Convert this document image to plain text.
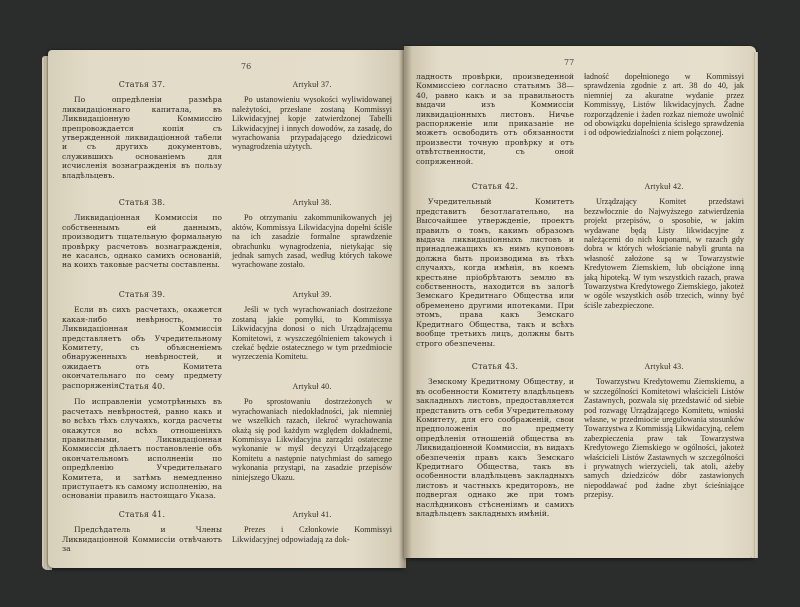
76
Статья 37.
По опредѣленіи размѣра ликвидаціоннаго капитала, въ Ликвидаціонную Коммиссію препровождается копія съ утвержденной ликвидаціонной табели и съ другихъ документовъ, служившихъ основаніемъ для исчисленія вознагражденія въ пользу владѣльцевъ.
Статья 38.
Ликвидаціонная Коммиссія по собственнымъ ей даннымъ, производитъ тщательную формальную провѣрку расчетовъ вознагражденія, не касаясь, однако самихъ основаній, на коихъ таковые расчеты составлены.
Статья 39.
Если въ сихъ расчетахъ, окажется какая-либо невѣрность, то Ликвидаціонная Коммиссія представляетъ объ Учредительному Комитету, съ объясненіемъ обнаруженныхъ невѣрностей, и ожидаетъ отъ Комитета окончательнаго по сему предмету распоряженія.
Статья 40.
По исправленіи усмотрѣнныхъ въ расчетахъ невѣрностей, равно какъ и во всѣхъ тѣхъ случаяхъ, когда расчеты окажутся во всѣхъ отношеніяхъ правильными, Ликвидаціонная Коммиссія дѣлаетъ постановленіе объ окончательномъ исполненіи по опредѣленію Учредительнаго Комитета, и затѣмъ немедленно приступаетъ къ самому исполненію, на основаніи правилъ настоящаго Указа.
Статья 41.
Предсѣдатель и Члены Ликвидаціонной Коммиссіи отвѣчаютъ за
Artykuł 37.
Po ustanowieniu wysokości wyliwidowanej należytości, przesłane zostaną Kommissyi Likwidacyjnej kopje zatwierdzonej Tabelli Likwidacyjnej i innych dowodów, za zasadę, do wyrachowania przypadającego dziedzicowi wynagrodzenia użytych.
Artykuł 38.
Po otrzymaniu zakommunikowanych jej aktów, Kommissya Likwidacyjna dopełni ściśle na ich zasadzie formalne sprawdzenie obrachunku wynagrodzenia, nietykając się jednak samych zasad, według których takowe wyrachowane zostało.
Artykuł 39.
Jeśli w tych wyrachowaniach dostrzeżone zostaną jakie pomyłki, to Kommissya Likwidacyjna donosi o nich Urządzającemu Komitetowi, z wyszczególnieniem takowych i czekać będzie ostatecznego w tym przedmiocie wyrzeczenia Komitetu.
Artykuł 40.
Po sprostowaniu dostrzeżonych w wyrachowaniach niedokładności, jak niemniej we wszelkich razach, ilekroć wyrachowania okażą się pod każdym względem dokładnemi, Kommissya Likwidacyjna zarządzi ostateczne wykonanie w myśl decyzyi Urządzającego Komitetu a następnie natychmiast do samego wykonania przystąpi, na zasadzie przepisów niniejszego Ukazu.
Artykuł 41.
Prezes i Członkowie Kommissyi Likwidacyjnej odpowiadają za dok-
77
ладность провѣрки, произведенной Коммиссіею согласно статьямъ 38—40, равно какъ и за правильность выдачи изъ Коммиссіи ликвидаціонныхъ листовъ. Ничье распоряженіе или приказаніе не можетъ освободить отъ обязанности произвести точную провѣрку и отъ отвѣтственности, съ оной сопряженной.
Статья 42.
Учредительный Комитетъ представитъ безотлагательно, на Высочайшее утвержденіе, проектъ правилъ о томъ, какимъ образомъ выдача ликвидаціонныхъ листовъ и принадлежащихъ къ нимъ купоновъ должна быть производима въ тѣхъ случаяхъ, когда имѣнія, въ коемъ крестьяне пріобрѣтаютъ землю въ собственность, находится въ залогѣ Земскаго Кредитнаго Общества или обременено другими ипотеками. При этомъ, права какъ Земскаго Кредитнаго Общества, такъ и всѣхъ вообще третьихъ лицъ, должны быть строго обезпечены.
Статья 43.
Земскому Кредитному Обществу, и въ особенности Комитету владѣльцевъ закладныхъ листовъ, предоставляется представить отъ себя Учредительному Комитету, для его соображеній, свои предположенія по предмету опредѣленія отношеній общества въ Ликвидаціонной Коммиссіи, въ видахъ обезпеченія правъ какъ Земскаго Кредитнаго Общества, такъ въ особенности владѣльцевъ закладныхъ листовъ и частныхъ кредиторовъ, не подвергая однако же при томъ наслѣдниковъ стѣсненіямъ и самихъ владѣльцевъ закладныхъ имѣній.
ładność dopełnionego w Kommissyi sprawdzenia zgodnie z art. 38 do 40, jak niemniej za akuratne wydanie przez Kommissyę, Listów likwidacyjnych. Żadne rozporządzenie i żaden rozkaz niemoże uwolnić od obowiązku dopełnienia ścisłego sprawdzenia i od odpowiedzialności z niem połączonej.
Artykuł 42.
Urządzający Komitet przedstawi bezzwłocznie do Najwyższego zatwierdzenia projekt przepisów, o sposobie, w jakim wydawane będą Listy likwidacyjne z należącemi do nich kuponami, w razach gdy dobra w których włościanie nabyli grunta na własność założone są w Towarzystwie Kredytowem Ziemskiem, lub obciążone inną jaką hipoteką. W tym wszystkich razach, prawa Towarzystwa Kredytowego Ziemskiego, jakoteż w ogóle wszystkich osób trzecich, winny być ściśle zabezpieczone.
Artykuł 43.
Towarzystwu Kredytowemu Ziemskiemu, a w szczególności Komitetowi właścicieli Listów Zastawnych, pozwala się przedstawić od siebie pod rozwagę Urządzającego Komitetu, wnioski własne, w przedmiocie uregulowania stosunków Towarzystwa z Kommissją Likwidacyjną, celem zabezpieczenia praw tak Towarzystwa Kredytowego Ziemskiego w ogólności, jakoteż właścicieli Listów Zastawnych w szczególności i prywatnych wierzycieli, tak atoli, ażeby samych dziedziców dóbr zastawionych niepoddawać pod żadne zbyt ścieśniające przepisy.
